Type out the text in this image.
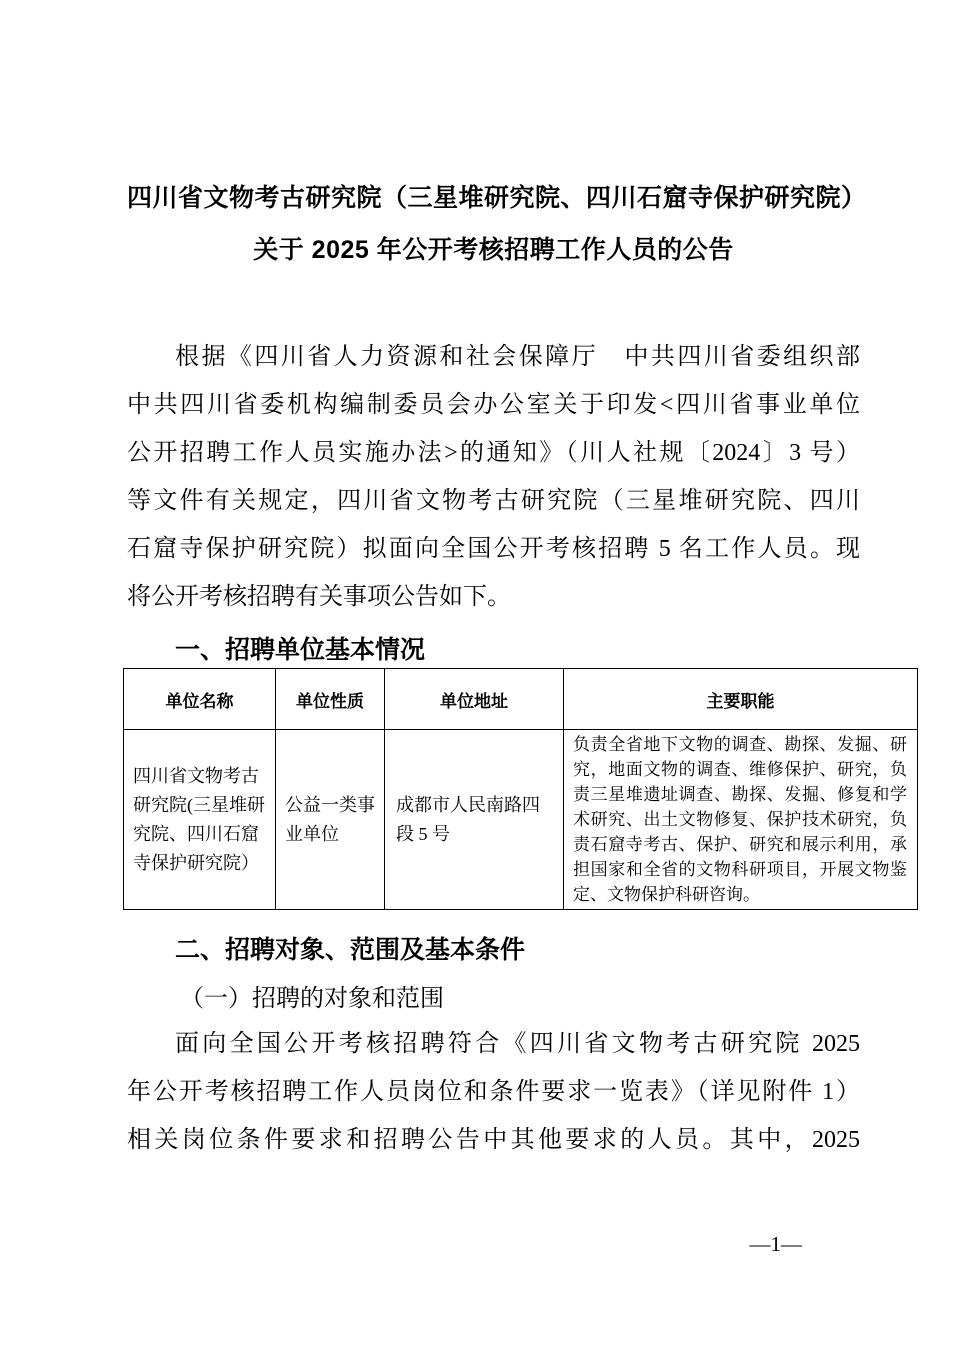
四川省文物考古研究院（三星堆研究院、四川石窟寺保护研究院）
关于 2025 年公开考核招聘工作人员的公告
根据《四川省人力资源和社会保障厅　中共四川省委组织部
中共四川省委机构编制委员会办公室关于印发<四川省事业单位
公开招聘工作人员实施办法>的通知》（川人社规〔2024〕3 号）
等文件有关规定，四川省文物考古研究院（三星堆研究院、四川
石窟寺保护研究院）拟面向全国公开考核招聘 5 名工作人员。现
将公开考核招聘有关事项公告如下。
一、招聘单位基本情况
单位名称	单位性质	单位地址	主要职能
四川省文物考古研究院(三星堆研究院、四川石窟寺保护研究院）	公益一类事业单位	成都市人民南路四段 5 号	负责全省地下文物的调查、勘探、发掘、研究，地面文物的调查、维修保护、研究，负责三星堆遗址调查、勘探、发掘、修复和学术研究、出土文物修复、保护技术研究，负责石窟寺考古、保护、研究和展示利用，承担国家和全省的文物科研项目，开展文物鉴定、文物保护科研咨询。
二、招聘对象、范围及基本条件
（一）招聘的对象和范围
面向全国公开考核招聘符合《四川省文物考古研究院 2025
年公开考核招聘工作人员岗位和条件要求一览表》（详见附件 1）
相关岗位条件要求和招聘公告中其他要求的人员。其中，2025
—1—
